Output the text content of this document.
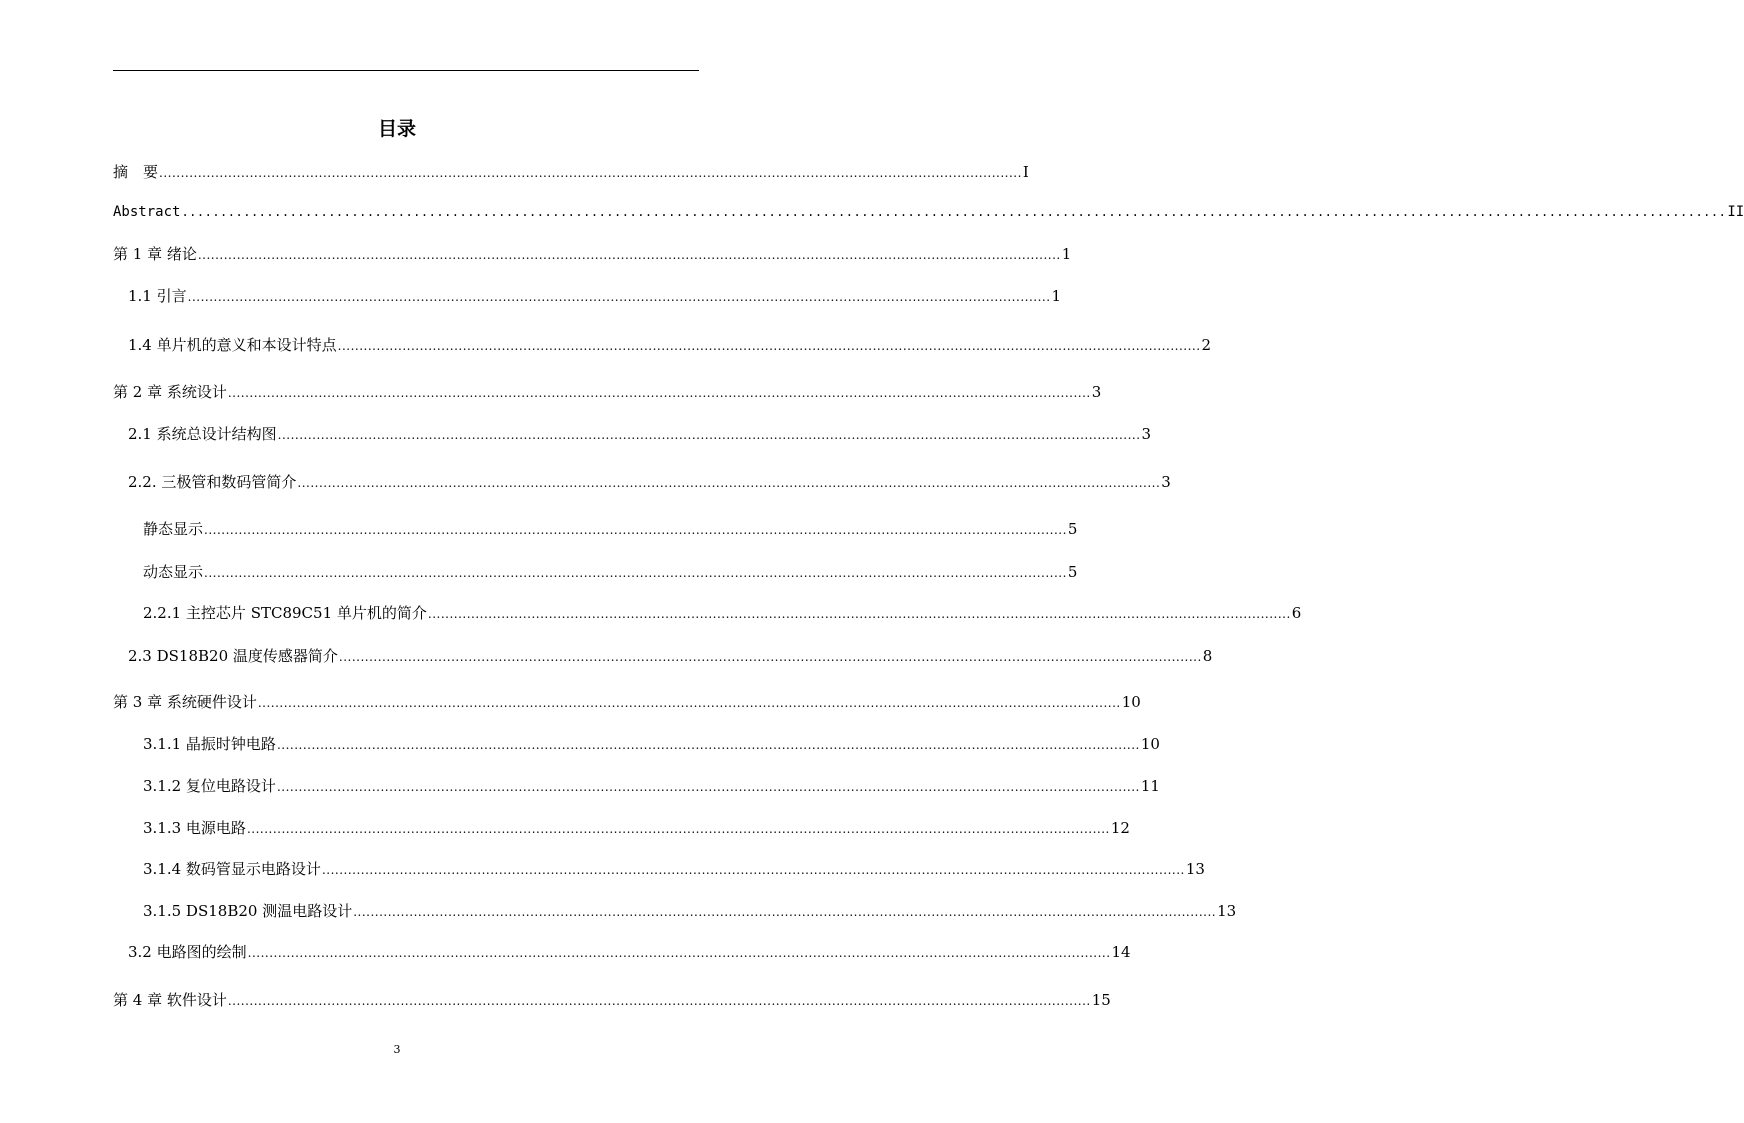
目录
摘　要 ........................................................................................................................................................................................................ I
Abstract ........................................................................................................................................................................................................ II
第 1 章 绪论 ........................................................................................................................................................................................................ 1
1.1 引言 ........................................................................................................................................................................................................ 1
1.4 单片机的意义和本设计特点 ........................................................................................................................................................................................................ 2
第 2 章 系统设计 ........................................................................................................................................................................................................ 3
2.1 系统总设计结构图 ........................................................................................................................................................................................................ 3
2.2. 三极管和数码管简介 ........................................................................................................................................................................................................ 3
静态显示 ........................................................................................................................................................................................................ 5
动态显示 ........................................................................................................................................................................................................ 5
2.2.1 主控芯片 STC89C51 单片机的简介 ........................................................................................................................................................................................................ 6
2.3 DS18B20 温度传感器简介 ........................................................................................................................................................................................................ 8
第 3 章 系统硬件设计 ........................................................................................................................................................................................................ 10
3.1.1 晶振时钟电路 ........................................................................................................................................................................................................ 10
3.1.2 复位电路设计 ........................................................................................................................................................................................................ 11
3.1.3 电源电路 ........................................................................................................................................................................................................ 12
3.1.4 数码管显示电路设计 ........................................................................................................................................................................................................ 13
3.1.5 DS18B20 测温电路设计 ........................................................................................................................................................................................................ 13
3.2 电路图的绘制 ........................................................................................................................................................................................................ 14
第 4 章 软件设计 ........................................................................................................................................................................................................ 15
3
